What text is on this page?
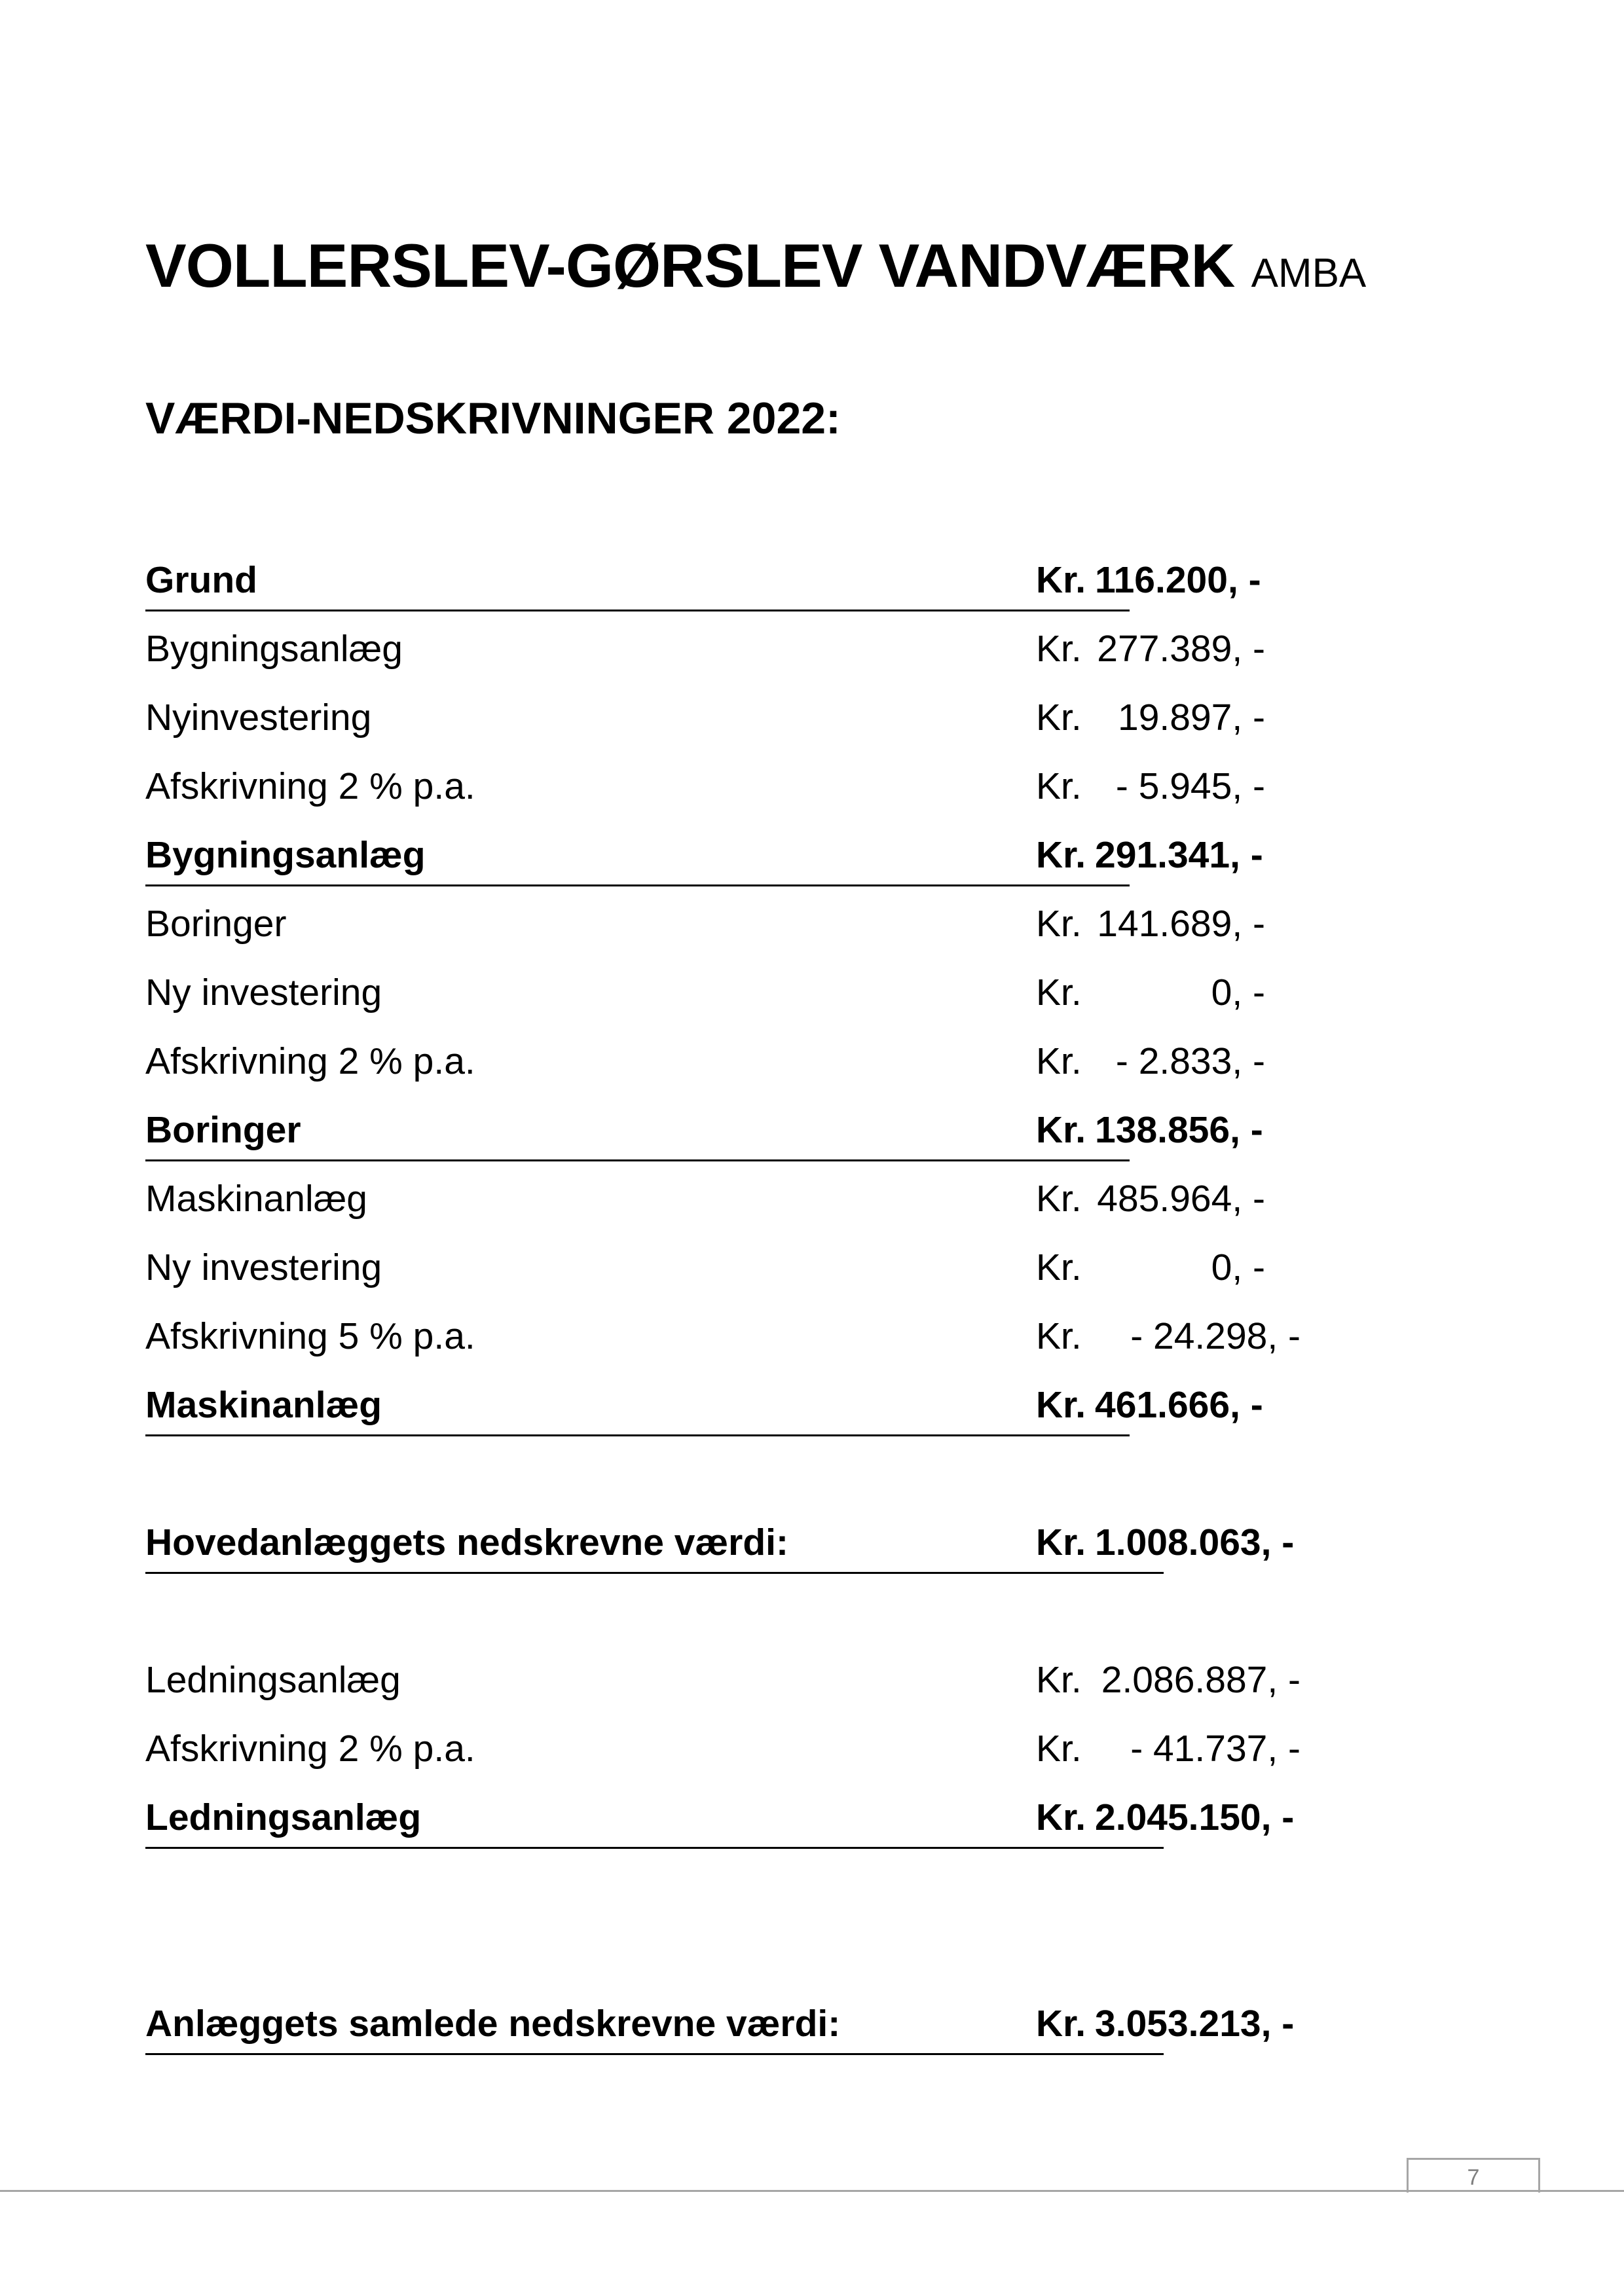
VOLLERSLEV-GØRSLEV VANDVÆRK AMBA
VÆRDI-NEDSKRIVNINGER 2022:
Grund	Kr. 116.200, -
Bygningsanlæg	Kr. 277.389, -
Nyinvestering	Kr. 19.897, -
Afskrivning 2 % p.a.	Kr. - 5.945, -
Bygningsanlæg	Kr. 291.341, -
Boringer	Kr. 141.689, -
Ny investering	Kr.	0, -
Afskrivning 2 % p.a.	Kr. - 2.833, -
Boringer	Kr. 138.856, -
Maskinanlæg	Kr. 485.964, -
Ny investering	Kr.	0, -
Afskrivning 5 % p.a.	Kr.	- 24.298, -
Maskinanlæg	Kr. 461.666, -
Hovedanlæggets nedskrevne værdi:	Kr. 1.008.063, -
Ledningsanlæg	Kr. 2.086.887, -
Afskrivning 2 % p.a.	Kr.	- 41.737, -
Ledningsanlæg	Kr. 2.045.150, -
Anlæggets samlede nedskrevne værdi:	Kr. 3.053.213, -
7
